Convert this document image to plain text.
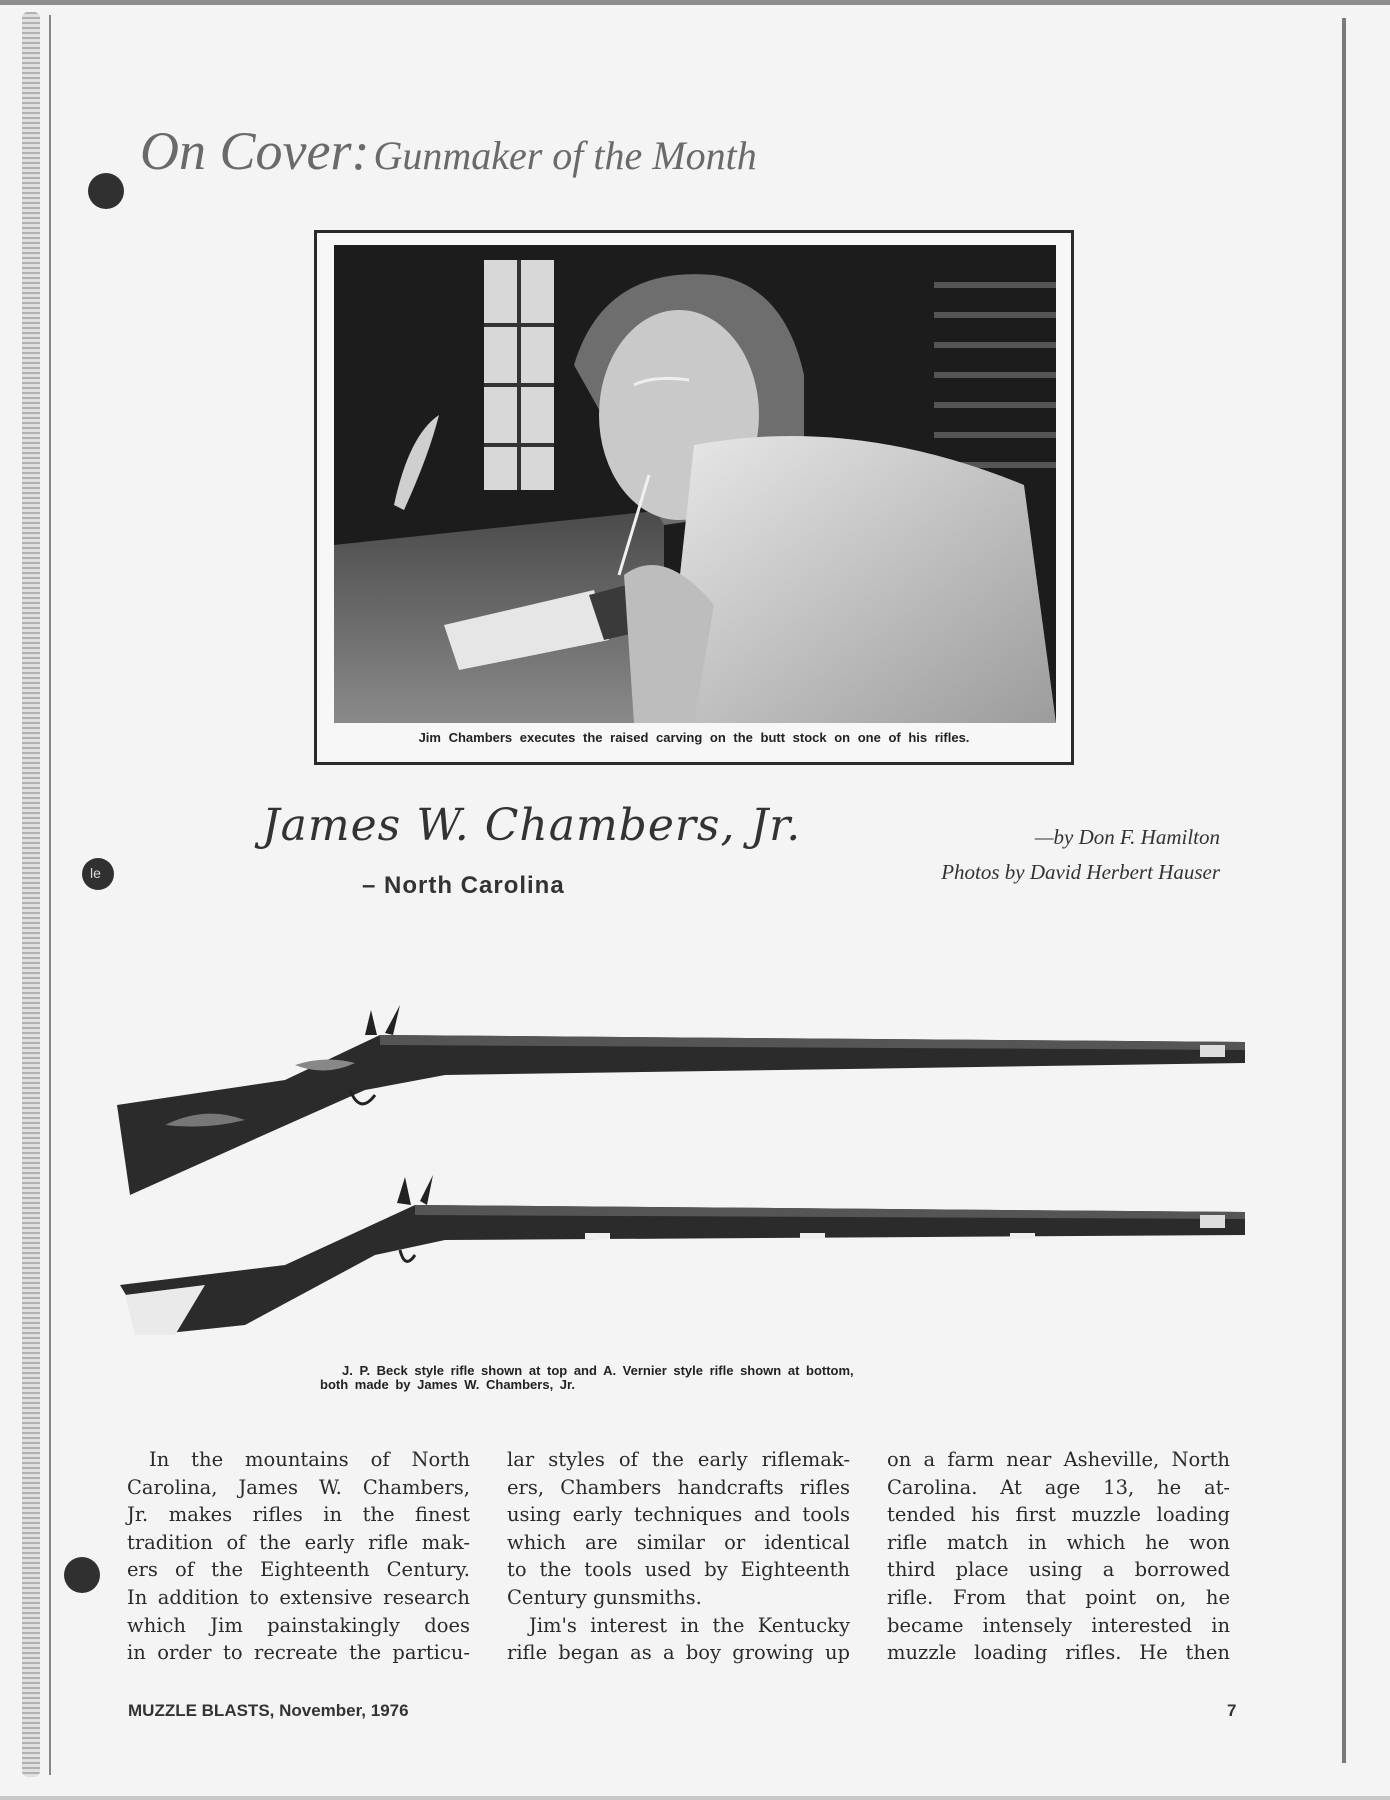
le
On Cover: Gunmaker of the Month
Jim Chambers executes the raised carving on the butt stock on one of his rifles.
James W. Chambers, Jr.
– North Carolina
—by Don F. Hamilton
Photos by David Herbert Hauser
J. P. Beck style rifle shown at top and A. Vernier style rifle shown at bottom,
both made by James W. Chambers, Jr.
In the mountains of North
Carolina, James W. Chambers,
Jr. makes rifles in the finest
tradition of the early rifle mak-
ers of the Eighteenth Century.
In addition to extensive research
which Jim painstakingly does
in order to recreate the particu-
lar styles of the early riflemak-
ers, Chambers handcrafts rifles
using early techniques and tools
which are similar or identical
to the tools used by Eighteenth
Century gunsmiths.
Jim's interest in the Kentucky
rifle began as a boy growing up
on a farm near Asheville, North
Carolina. At age 13, he at-
tended his first muzzle loading
rifle match in which he won
third place using a borrowed
rifle. From that point on, he
became intensely interested in
muzzle loading rifles. He then
MUZZLE BLASTS, November, 1976	7
